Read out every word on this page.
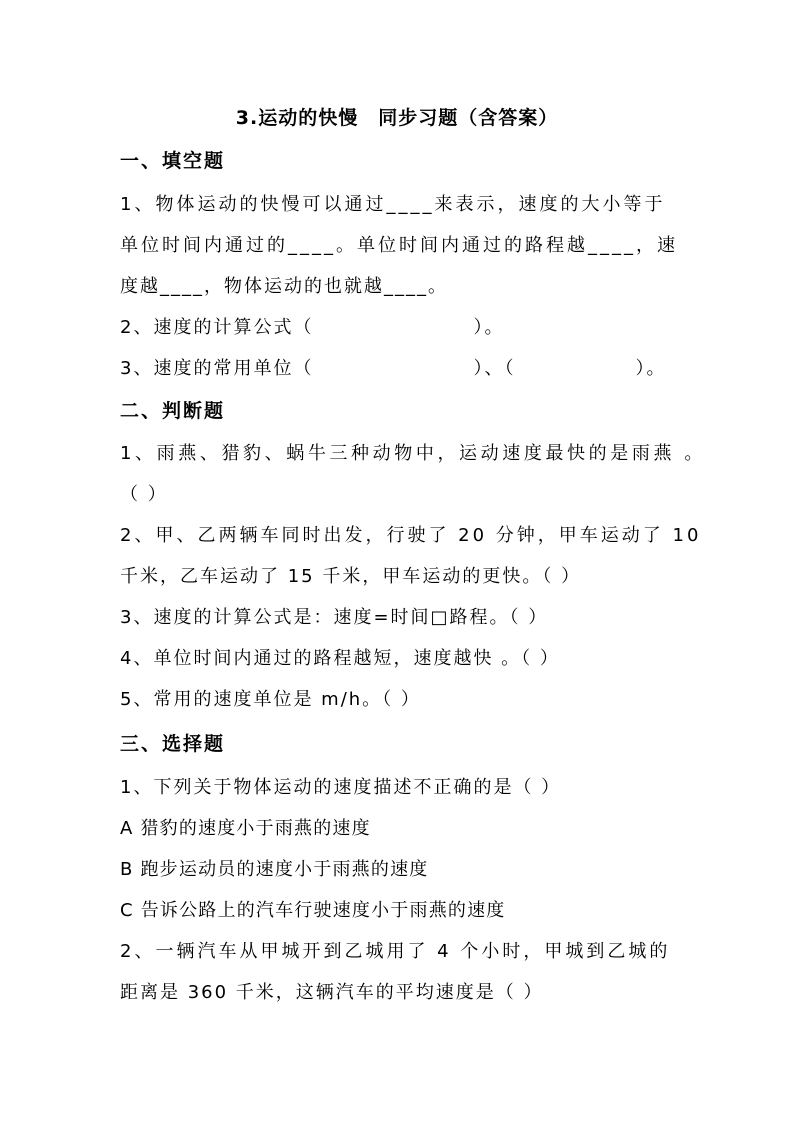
3.运动的快慢　同步习题（含答案）
一、填空题
1、物体运动的快慢可以通过____来表示，速度的大小等于
单位时间内通过的____。单位时间内通过的路程越____，速
度越____，物体运动的也就越____。
2、速度的计算公式（　　　　　　　　）。
3、速度的常用单位（　　　　　　　　）、（　　　　　　）。
二、判断题
1、雨燕、猎豹、蜗牛三种动物中，运动速度最快的是雨燕 。
（ ）
2、甲、乙两辆车同时出发，行驶了 20 分钟，甲车运动了 10
千米，乙车运动了 15 千米，甲车运动的更快。（ ）
3、速度的计算公式是：速度=时间□路程。（ ）
4、单位时间内通过的路程越短，速度越快 。（ ）
5、常用的速度单位是 m/h。（ ）
三、选择题
1、下列关于物体运动的速度描述不正确的是（ ）
A 猎豹的速度小于雨燕的速度
B 跑步运动员的速度小于雨燕的速度
C 告诉公路上的汽车行驶速度小于雨燕的速度
2、一辆汽车从甲城开到乙城用了 4 个小时，甲城到乙城的
距离是 360 千米，这辆汽车的平均速度是（ ）
